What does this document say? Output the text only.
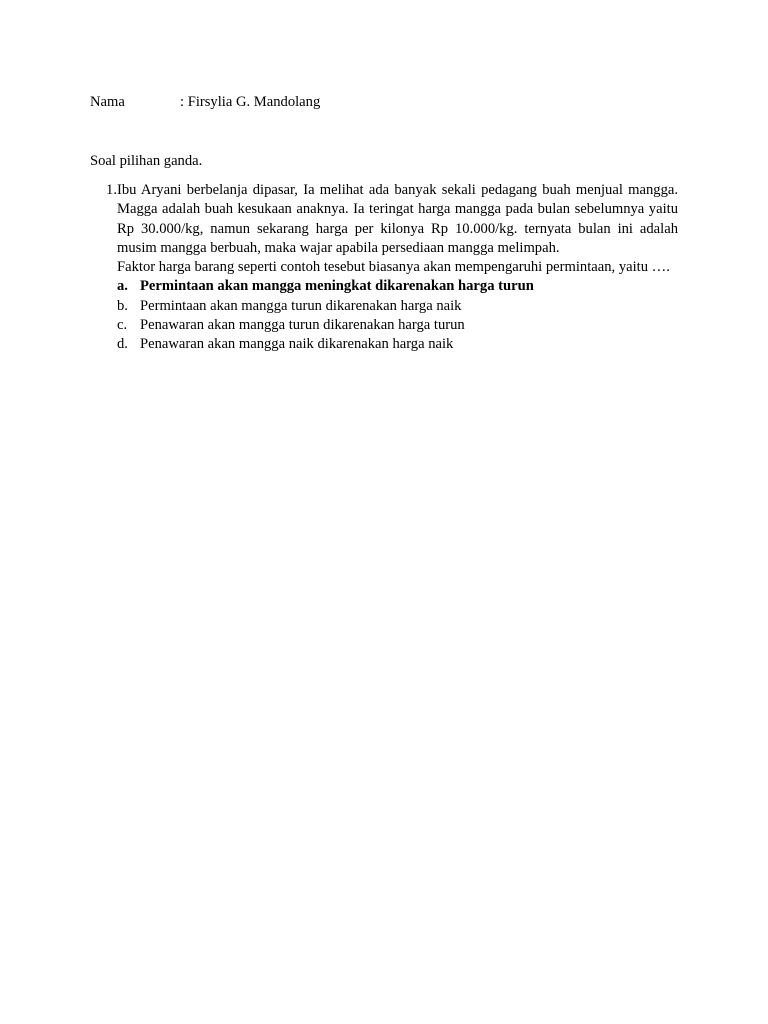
Nama	: Firsylia G. Mandolang
Soal pilihan ganda.
1. Ibu Aryani berbelanja dipasar, Ia melihat ada banyak sekali pedagang buah menjual mangga. Magga adalah buah kesukaan anaknya. Ia teringat harga mangga pada bulan sebelumnya yaitu Rp 30.000/kg, namun sekarang harga per kilonya Rp 10.000/kg. ternyata bulan ini adalah musim mangga berbuah, maka wajar apabila persediaan mangga melimpah.

Faktor harga barang seperti contoh tesebut biasanya akan mempengaruhi permintaan, yaitu ….

a. Permintaan akan mangga meningkat dikarenakan harga turun
b. Permintaan akan mangga turun dikarenakan harga naik
c. Penawaran akan mangga turun dikarenakan harga turun
d. Penawaran akan mangga naik dikarenakan harga naik
